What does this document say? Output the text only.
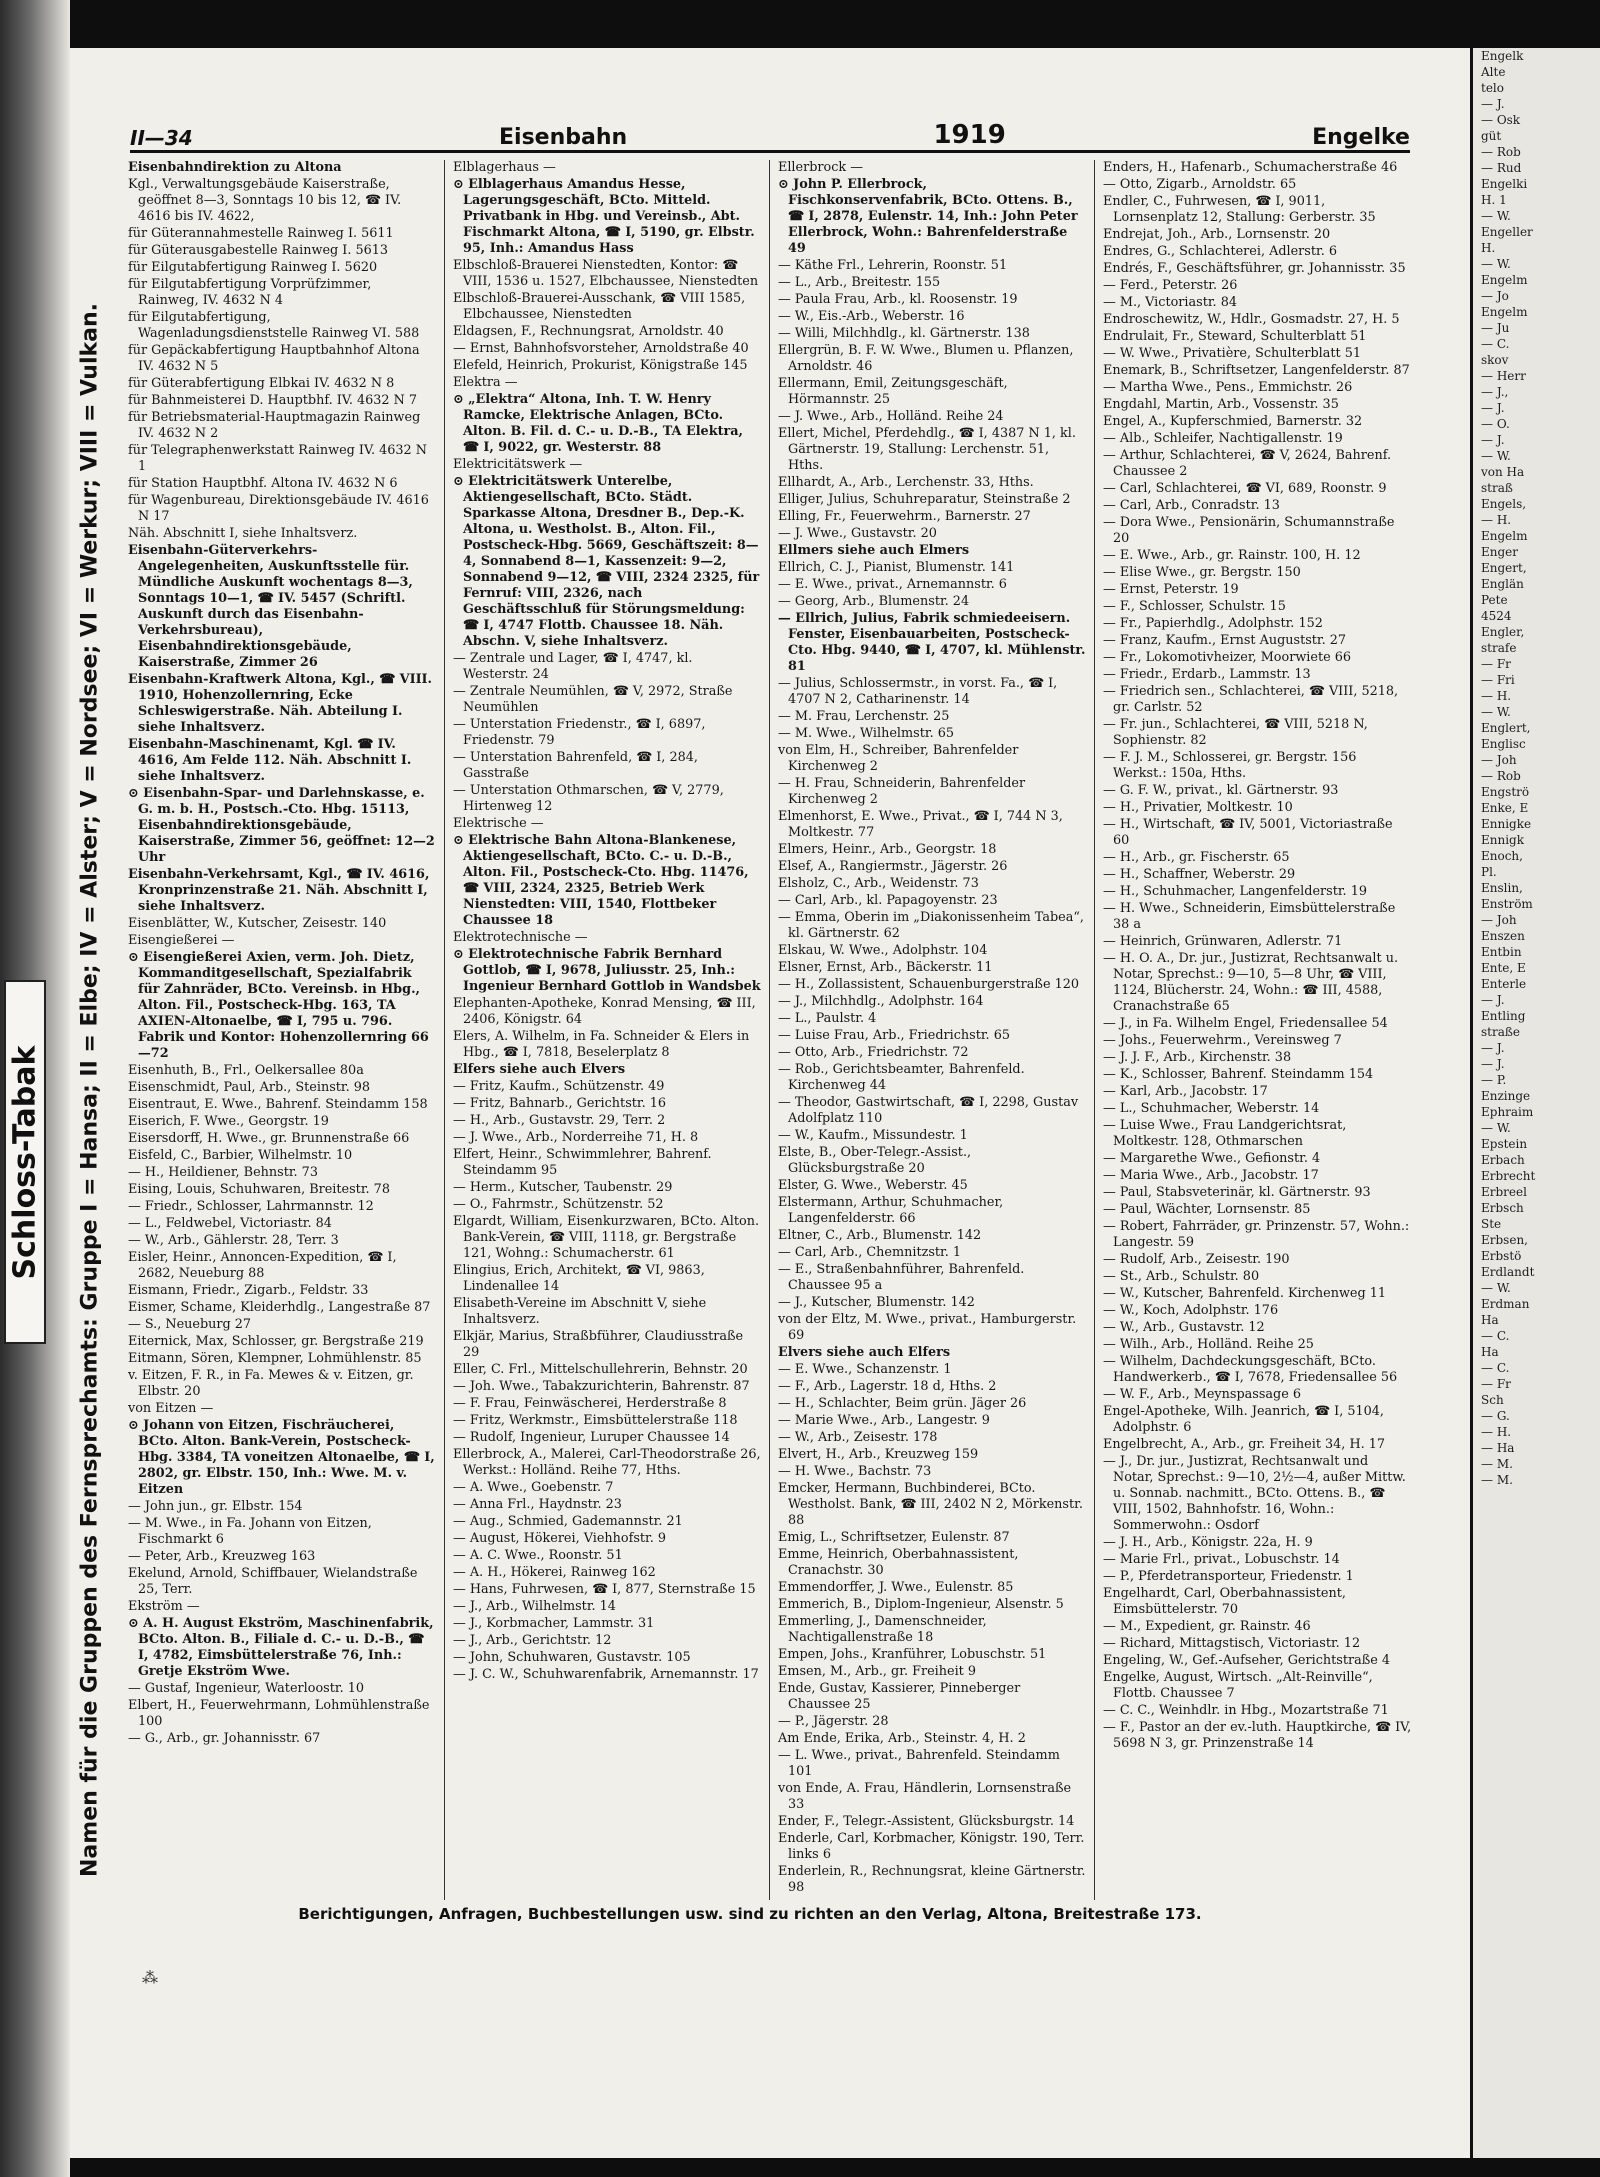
Namen für die Gruppen des Fernsprechamts: Gruppe I = Hansa; II = Elbe; IV = Alster; V = Nordsee; VI = Werkur; VIII = Vulkan.
Schloss-Tabak
II—34	Eisenbahn	1919	Engelke
Eisenbahndirektion zu Altona
Kgl., Verwaltungsgebäude Kaiserstraße, geöffnet 8—3, Sonntags 10 bis 12, ☎ IV. 4616 bis IV. 4622,
für Güterannahmestelle Rainweg I. 5611
für Güterausgabestelle Rainweg I. 5613
für Eilgutabfertigung Rainweg I. 5620
für Eilgutabfertigung Vorprüfzimmer, Rainweg, IV. 4632 N 4
für Eilgutabfertigung, Wagenladungsdienststelle Rainweg VI. 588
für Gepäckabfertigung Hauptbahnhof Altona IV. 4632 N 5
für Güterabfertigung Elbkai IV. 4632 N 8
für Bahnmeisterei D. Hauptbhf. IV. 4632 N 7
für Betriebsmaterial-Hauptmagazin Rainweg IV. 4632 N 2
für Telegraphenwerkstatt Rainweg IV. 4632 N 1
für Station Hauptbhf. Altona IV. 4632 N 6
für Wagenbureau, Direktionsgebäude IV. 4616 N 17
Näh. Abschnitt I, siehe Inhaltsverz.
Eisenbahn-Güterverkehrs-Angelegenheiten, Auskunftsstelle für. Mündliche Auskunft wochentags 8—3, Sonntags 10—1, ☎ IV. 5457 (Schriftl. Auskunft durch das Eisenbahn-Verkehrsbureau), Eisenbahndirektionsgebäude, Kaiserstraße, Zimmer 26
Eisenbahn-Kraftwerk Altona, Kgl., ☎ VIII. 1910, Hohenzollernring, Ecke Schleswigerstraße. Näh. Abteilung I. siehe Inhaltsverz.
Eisenbahn-Maschinenamt, Kgl. ☎ IV. 4616, Am Felde 112. Näh. Abschnitt I. siehe Inhaltsverz.
⊙ Eisenbahn-Spar- und Darlehnskasse, e. G. m. b. H., Postsch.-Cto. Hbg. 15113, Eisenbahndirektionsgebäude, Kaiserstraße, Zimmer 56, geöffnet: 12—2 Uhr
Eisenbahn-Verkehrsamt, Kgl., ☎ IV. 4616, Kronprinzenstraße 21. Näh. Abschnitt I, siehe Inhaltsverz.
Eisenblätter, W., Kutscher, Zeisestr. 140
Eisengießerei —
⊙ Eisengießerei Axien, verm. Joh. Dietz, Kommanditgesellschaft, Spezialfabrik für Zahnräder, BCto. Vereinsb. in Hbg., Alton. Fil., Postscheck-Hbg. 163, TA AXIEN-Altonaelbe, ☎ I, 795 u. 796. Fabrik und Kontor: Hohenzollernring 66—72
Eisenhuth, B., Frl., Oelkersallee 80a
Eisenschmidt, Paul, Arb., Steinstr. 98
Eisentraut, E. Wwe., Bahrenf. Steindamm 158
Eiserich, F. Wwe., Georgstr. 19
Eisersdorff, H. Wwe., gr. Brunnenstraße 66
Eisfeld, C., Barbier, Wilhelmstr. 10
— H., Heildiener, Behnstr. 73
Eising, Louis, Schuhwaren, Breitestr. 78
— Friedr., Schlosser, Lahrmannstr. 12
— L., Feldwebel, Victoriastr. 84
— W., Arb., Gählerstr. 28, Terr. 3
Eisler, Heinr., Annoncen-Expedition, ☎ I, 2682, Neueburg 88
Eismann, Friedr., Zigarb., Feldstr. 33
Eismer, Schame, Kleiderhdlg., Langestraße 87
— S., Neueburg 27
Eiternick, Max, Schlosser, gr. Bergstraße 219
Eitmann, Sören, Klempner, Lohmühlenstr. 85
v. Eitzen, F. R., in Fa. Mewes & v. Eitzen, gr. Elbstr. 20
von Eitzen —
⊙ Johann von Eitzen, Fischräucherei, BCto. Alton. Bank-Verein, Postscheck-Hbg. 3384, TA voneitzen Altonaelbe, ☎ I, 2802, gr. Elbstr. 150, Inh.: Wwe. M. v. Eitzen
— John jun., gr. Elbstr. 154
— M. Wwe., in Fa. Johann von Eitzen, Fischmarkt 6
— Peter, Arb., Kreuzweg 163
Ekelund, Arnold, Schiffbauer, Wielandstraße 25, Terr.
Ekström —
⊙ A. H. August Ekström, Maschinenfabrik, BCto. Alton. B., Filiale d. C.- u. D.-B., ☎ I, 4782, Eimsbüttelerstraße 76, Inh.: Gretje Ekström Wwe.
— Gustaf, Ingenieur, Waterloostr. 10
Elbert, H., Feuerwehrmann, Lohmühlenstraße 100
— G., Arb., gr. Johannisstr. 67
Elblagerhaus —
⊙ Elblagerhaus Amandus Hesse, Lagerungsgeschäft, BCto. Mitteld. Privatbank in Hbg. und Vereinsb., Abt. Fischmarkt Altona, ☎ I, 5190, gr. Elbstr. 95, Inh.: Amandus Hass
Elbschloß-Brauerei Nienstedten, Kontor: ☎ VIII, 1536 u. 1527, Elbchaussee, Nienstedten
Elbschloß-Brauerei-Ausschank, ☎ VIII 1585, Elbchaussee, Nienstedten
Eldagsen, F., Rechnungsrat, Arnoldstr. 40
— Ernst, Bahnhofsvorsteher, Arnoldstraße 40
Elefeld, Heinrich, Prokurist, Königstraße 145
Elektra —
⊙ „Elektra“ Altona, Inh. T. W. Henry Ramcke, Elektrische Anlagen, BCto. Alton. B. Fil. d. C.- u. D.-B., TA Elektra, ☎ I, 9022, gr. Westerstr. 88
Elektricitätswerk —
⊙ Elektricitätswerk Unterelbe, Aktiengesellschaft, BCto. Städt. Sparkasse Altona, Dresdner B., Dep.-K. Altona, u. Westholst. B., Alton. Fil., Postscheck-Hbg. 5669, Geschäftszeit: 8—4, Sonnabend 8—1, Kassenzeit: 9—2, Sonnabend 9—12, ☎ VIII, 2324 2325, für Fernruf: VIII, 2326, nach Geschäftsschluß für Störungsmeldung: ☎ I, 4747 Flottb. Chaussee 18. Näh. Abschn. V, siehe Inhaltsverz.
— Zentrale und Lager, ☎ I, 4747, kl. Westerstr. 24
— Zentrale Neumühlen, ☎ V, 2972, Straße Neumühlen
— Unterstation Friedenstr., ☎ I, 6897, Friedenstr. 79
— Unterstation Bahrenfeld, ☎ I, 284, Gasstraße
— Unterstation Othmarschen, ☎ V, 2779, Hirtenweg 12
Elektrische —
⊙ Elektrische Bahn Altona-Blankenese, Aktiengesellschaft, BCto. C.- u. D.-B., Alton. Fil., Postscheck-Cto. Hbg. 11476, ☎ VIII, 2324, 2325, Betrieb Werk Nienstedten: VIII, 1540, Flottbeker Chaussee 18
Elektrotechnische —
⊙ Elektrotechnische Fabrik Bernhard Gottlob, ☎ I, 9678, Juliusstr. 25, Inh.: Ingenieur Bernhard Gottlob in Wandsbek
Elephanten-Apotheke, Konrad Mensing, ☎ III, 2406, Königstr. 64
Elers, A. Wilhelm, in Fa. Schneider & Elers in Hbg., ☎ I, 7818, Beselerplatz 8
Elfers siehe auch Elvers
— Fritz, Kaufm., Schützenstr. 49
— Fritz, Bahnarb., Gerichtstr. 16
— H., Arb., Gustavstr. 29, Terr. 2
— J. Wwe., Arb., Norderreihe 71, H. 8
Elfert, Heinr., Schwimmlehrer, Bahrenf. Steindamm 95
— Herm., Kutscher, Taubenstr. 29
— O., Fahrmstr., Schützenstr. 52
Elgardt, William, Eisenkurzwaren, BCto. Alton. Bank-Verein, ☎ VIII, 1118, gr. Bergstraße 121, Wohng.: Schumacherstr. 61
Elingius, Erich, Architekt, ☎ VI, 9863, Lindenallee 14
Elisabeth-Vereine im Abschnitt V, siehe Inhaltsverz.
Elkjär, Marius, Straßbführer, Claudiusstraße 29
Eller, C. Frl., Mittelschullehrerin, Behnstr. 20
— Joh. Wwe., Tabakzurichterin, Bahrenstr. 87
— F. Frau, Feinwäscherei, Herderstraße 8
— Fritz, Werkmstr., Eimsbüttelerstraße 118
— Rudolf, Ingenieur, Luruper Chaussee 14
Ellerbrock, A., Malerei, Carl-Theodorstraße 26, Werkst.: Holländ. Reihe 77, Hths.
— A. Wwe., Goebenstr. 7
— Anna Frl., Haydnstr. 23
— Aug., Schmied, Gademannstr. 21
— August, Hökerei, Viehhofstr. 9
— A. C. Wwe., Roonstr. 51
— A. H., Hökerei, Rainweg 162
— Hans, Fuhrwesen, ☎ I, 877, Sternstraße 15
— J., Arb., Wilhelmstr. 14
— J., Korbmacher, Lammstr. 31
— J., Arb., Gerichtstr. 12
— John, Schuhwaren, Gustavstr. 105
— J. C. W., Schuhwarenfabrik, Arnemannstr. 17
Ellerbrock —
⊙ John P. Ellerbrock, Fischkonservenfabrik, BCto. Ottens. B., ☎ I, 2878, Eulenstr. 14, Inh.: John Peter Ellerbrock, Wohn.: Bahrenfelderstraße 49
— Käthe Frl., Lehrerin, Roonstr. 51
— L., Arb., Breitestr. 155
— Paula Frau, Arb., kl. Roosenstr. 19
— W., Eis.-Arb., Weberstr. 16
— Willi, Milchhdlg., kl. Gärtnerstr. 138
Ellergrün, B. F. W. Wwe., Blumen u. Pflanzen, Arnoldstr. 46
Ellermann, Emil, Zeitungsgeschäft, Hörmannstr. 25
— J. Wwe., Arb., Holländ. Reihe 24
Ellert, Michel, Pferdehdlg., ☎ I, 4387 N 1, kl. Gärtnerstr. 19, Stallung: Lerchenstr. 51, Hths.
Ellhardt, A., Arb., Lerchenstr. 33, Hths.
Elliger, Julius, Schuhreparatur, Steinstraße 2
Elling, Fr., Feuerwehrm., Barnerstr. 27
— J. Wwe., Gustavstr. 20
Ellmers siehe auch Elmers
Ellrich, C. J., Pianist, Blumenstr. 141
— E. Wwe., privat., Arnemannstr. 6
— Georg, Arb., Blumenstr. 24
— Ellrich, Julius, Fabrik schmiedeeisern. Fenster, Eisenbauarbeiten, Postscheck-Cto. Hbg. 9440, ☎ I, 4707, kl. Mühlenstr. 81
— Julius, Schlossermstr., in vorst. Fa., ☎ I, 4707 N 2, Catharinenstr. 14
— M. Frau, Lerchenstr. 25
— M. Wwe., Wilhelmstr. 65
von Elm, H., Schreiber, Bahrenfelder Kirchenweg 2
— H. Frau, Schneiderin, Bahrenfelder Kirchenweg 2
Elmenhorst, E. Wwe., Privat., ☎ I, 744 N 3, Moltkestr. 77
Elmers, Heinr., Arb., Georgstr. 18
Elsef, A., Rangiermstr., Jägerstr. 26
Elsholz, C., Arb., Weidenstr. 73
— Carl, Arb., kl. Papagoyenstr. 23
— Emma, Oberin im „Diakonissenheim Tabea“, kl. Gärtnerstr. 62
Elskau, W. Wwe., Adolphstr. 104
Elsner, Ernst, Arb., Bäckerstr. 11
— H., Zollassistent, Schauenburgerstraße 120
— J., Milchhdlg., Adolphstr. 164
— L., Paulstr. 4
— Luise Frau, Arb., Friedrichstr. 65
— Otto, Arb., Friedrichstr. 72
— Rob., Gerichtsbeamter, Bahrenfeld. Kirchenweg 44
— Theodor, Gastwirtschaft, ☎ I, 2298, Gustav Adolfplatz 110
— W., Kaufm., Missundestr. 1
Elste, B., Ober-Telegr.-Assist., Glücksburgstraße 20
Elster, G. Wwe., Weberstr. 45
Elstermann, Arthur, Schuhmacher, Langenfelderstr. 66
Eltner, C., Arb., Blumenstr. 142
— Carl, Arb., Chemnitzstr. 1
— E., Straßenbahnführer, Bahrenfeld. Chaussee 95 a
— J., Kutscher, Blumenstr. 142
von der Eltz, M. Wwe., privat., Hamburgerstr. 69
Elvers siehe auch Elfers
— E. Wwe., Schanzenstr. 1
— F., Arb., Lagerstr. 18 d, Hths. 2
— H., Schlachter, Beim grün. Jäger 26
— Marie Wwe., Arb., Langestr. 9
— W., Arb., Zeisestr. 178
Elvert, H., Arb., Kreuzweg 159
— H. Wwe., Bachstr. 73
Emcker, Hermann, Buchbinderei, BCto. Westholst. Bank, ☎ III, 2402 N 2, Mörkenstr. 88
Emig, L., Schriftsetzer, Eulenstr. 87
Emme, Heinrich, Oberbahnassistent, Cranachstr. 30
Emmendorffer, J. Wwe., Eulenstr. 85
Emmerich, B., Diplom-Ingenieur, Alsenstr. 5
Emmerling, J., Damenschneider, Nachtigallenstraße 18
Empen, Johs., Kranführer, Lobuschstr. 51
Emsen, M., Arb., gr. Freiheit 9
Ende, Gustav, Kassierer, Pinneberger Chaussee 25
— P., Jägerstr. 28
Am Ende, Erika, Arb., Steinstr. 4, H. 2
— L. Wwe., privat., Bahrenfeld. Steindamm 101
von Ende, A. Frau, Händlerin, Lornsenstraße 33
Ender, F., Telegr.-Assistent, Glücksburgstr. 14
Enderle, Carl, Korbmacher, Königstr. 190, Terr. links 6
Enderlein, R., Rechnungsrat, kleine Gärtnerstr. 98
Enders, H., Hafenarb., Schumacherstraße 46
— Otto, Zigarb., Arnoldstr. 65
Endler, C., Fuhrwesen, ☎ I, 9011, Lornsenplatz 12, Stallung: Gerberstr. 35
Endrejat, Joh., Arb., Lornsenstr. 20
Endres, G., Schlachterei, Adlerstr. 6
Endrés, F., Geschäftsführer, gr. Johannisstr. 35
— Ferd., Peterstr. 26
— M., Victoriastr. 84
Endroschewitz, W., Hdlr., Gosmadstr. 27, H. 5
Endrulait, Fr., Steward, Schulterblatt 51
— W. Wwe., Privatière, Schulterblatt 51
Enemark, B., Schriftsetzer, Langenfelderstr. 87
— Martha Wwe., Pens., Emmichstr. 26
Engdahl, Martin, Arb., Vossenstr. 35
Engel, A., Kupferschmied, Barnerstr. 32
— Alb., Schleifer, Nachtigallenstr. 19
— Arthur, Schlachterei, ☎ V, 2624, Bahrenf. Chaussee 2
— Carl, Schlachterei, ☎ VI, 689, Roonstr. 9
— Carl, Arb., Conradstr. 13
— Dora Wwe., Pensionärin, Schumannstraße 20
— E. Wwe., Arb., gr. Rainstr. 100, H. 12
— Elise Wwe., gr. Bergstr. 150
— Ernst, Peterstr. 19
— F., Schlosser, Schulstr. 15
— Fr., Papierhdlg., Adolphstr. 152
— Franz, Kaufm., Ernst Auguststr. 27
— Fr., Lokomotivheizer, Moorwiete 66
— Friedr., Erdarb., Lammstr. 13
— Friedrich sen., Schlachterei, ☎ VIII, 5218, gr. Carlstr. 52
— Fr. jun., Schlachterei, ☎ VIII, 5218 N, Sophienstr. 82
— F. J. M., Schlosserei, gr. Bergstr. 156 Werkst.: 150a, Hths.
— G. F. W., privat., kl. Gärtnerstr. 93
— H., Privatier, Moltkestr. 10
— H., Wirtschaft, ☎ IV, 5001, Victoriastraße 60
— H., Arb., gr. Fischerstr. 65
— H., Schaffner, Weberstr. 29
— H., Schuhmacher, Langenfelderstr. 19
— H. Wwe., Schneiderin, Eimsbüttelerstraße 38 a
— Heinrich, Grünwaren, Adlerstr. 71
— H. O. A., Dr. jur., Justizrat, Rechtsanwalt u. Notar, Sprechst.: 9—10, 5—8 Uhr, ☎ VIII, 1124, Blücherstr. 24, Wohn.: ☎ III, 4588, Cranachstraße 65
— J., in Fa. Wilhelm Engel, Friedensallee 54
— Johs., Feuerwehrm., Vereinsweg 7
— J. J. F., Arb., Kirchenstr. 38
— K., Schlosser, Bahrenf. Steindamm 154
— Karl, Arb., Jacobstr. 17
— L., Schuhmacher, Weberstr. 14
— Luise Wwe., Frau Landgerichtsrat, Moltkestr. 128, Othmarschen
— Margarethe Wwe., Gefionstr. 4
— Maria Wwe., Arb., Jacobstr. 17
— Paul, Stabsveterinär, kl. Gärtnerstr. 93
— Paul, Wächter, Lornsenstr. 85
— Robert, Fahrräder, gr. Prinzenstr. 57, Wohn.: Langestr. 59
— Rudolf, Arb., Zeisestr. 190
— St., Arb., Schulstr. 80
— W., Kutscher, Bahrenfeld. Kirchenweg 11
— W., Koch, Adolphstr. 176
— W., Arb., Gustavstr. 12
— Wilh., Arb., Holländ. Reihe 25
— Wilhelm, Dachdeckungsgeschäft, BCto. Handwerkerb., ☎ I, 7678, Friedensallee 56
— W. F., Arb., Meynspassage 6
Engel-Apotheke, Wilh. Jeanrich, ☎ I, 5104, Adolphstr. 6
Engelbrecht, A., Arb., gr. Freiheit 34, H. 17
— J., Dr. jur., Justizrat, Rechtsanwalt und Notar, Sprechst.: 9—10, 2½—4, außer Mittw. u. Sonnab. nachmitt., BCto. Ottens. B., ☎ VIII, 1502, Bahnhofstr. 16, Wohn.: Sommerwohn.: Osdorf
— J. H., Arb., Königstr. 22a, H. 9
— Marie Frl., privat., Lobuschstr. 14
— P., Pferdetransporteur, Friedenstr. 1
Engelhardt, Carl, Oberbahnassistent, Eimsbüttelerstr. 70
— M., Expedient, gr. Rainstr. 46
— Richard, Mittagstisch, Victoriastr. 12
Engeling, W., Gef.-Aufseher, Gerichtstraße 4
Engelke, August, Wirtsch. „Alt-Reinville“, Flottb. Chaussee 7
— C. C., Weinhdlr. in Hbg., Mozartstraße 71
— F., Pastor an der ev.-luth. Hauptkirche, ☎ IV, 5698 N 3, gr. Prinzenstraße 14
Berichtigungen, Anfragen, Buchbestellungen usw. sind zu richten an den Verlag, Altona, Breitestraße 173.
Engelk
Alte
telo
— J.
— Osk
güt
— Rob
— Rud
Engelki
H. 1
— W.
Engeller
H.
— W.
Engelm
— Jo
Engelm
— Ju
— C.
skov
— Herr
— J.,
— J.
— O.
— J.
— W.
von Ha
straß
Engels,
— H.
Engelm
Enger
Engert,
Englän
Pete
4524
Engler,
strafe
— Fr
— Fri
— H.
— W.
Englert,
Englisc
— Joh
— Rob
Engströ
Enke, E
Ennigke
Ennigk
Enoch,
Pl.
Enslin,
Enström
— Joh
Enszen
Entbin
Ente, E
Enterle
— J.
Entling
straße
— J.
— J.
— P.
Enzinge
Ephraim
— W.
Epstein
Erbach
Erbrecht
Erbreel
Erbsch
Ste
Erbsen,
Erbstö
Erdlandt
— W.
Erdman
Ha
— C.
Ha
— C.
— Fr
Sch
— G.
— H.
— Ha
— M.
— M.
⁂
